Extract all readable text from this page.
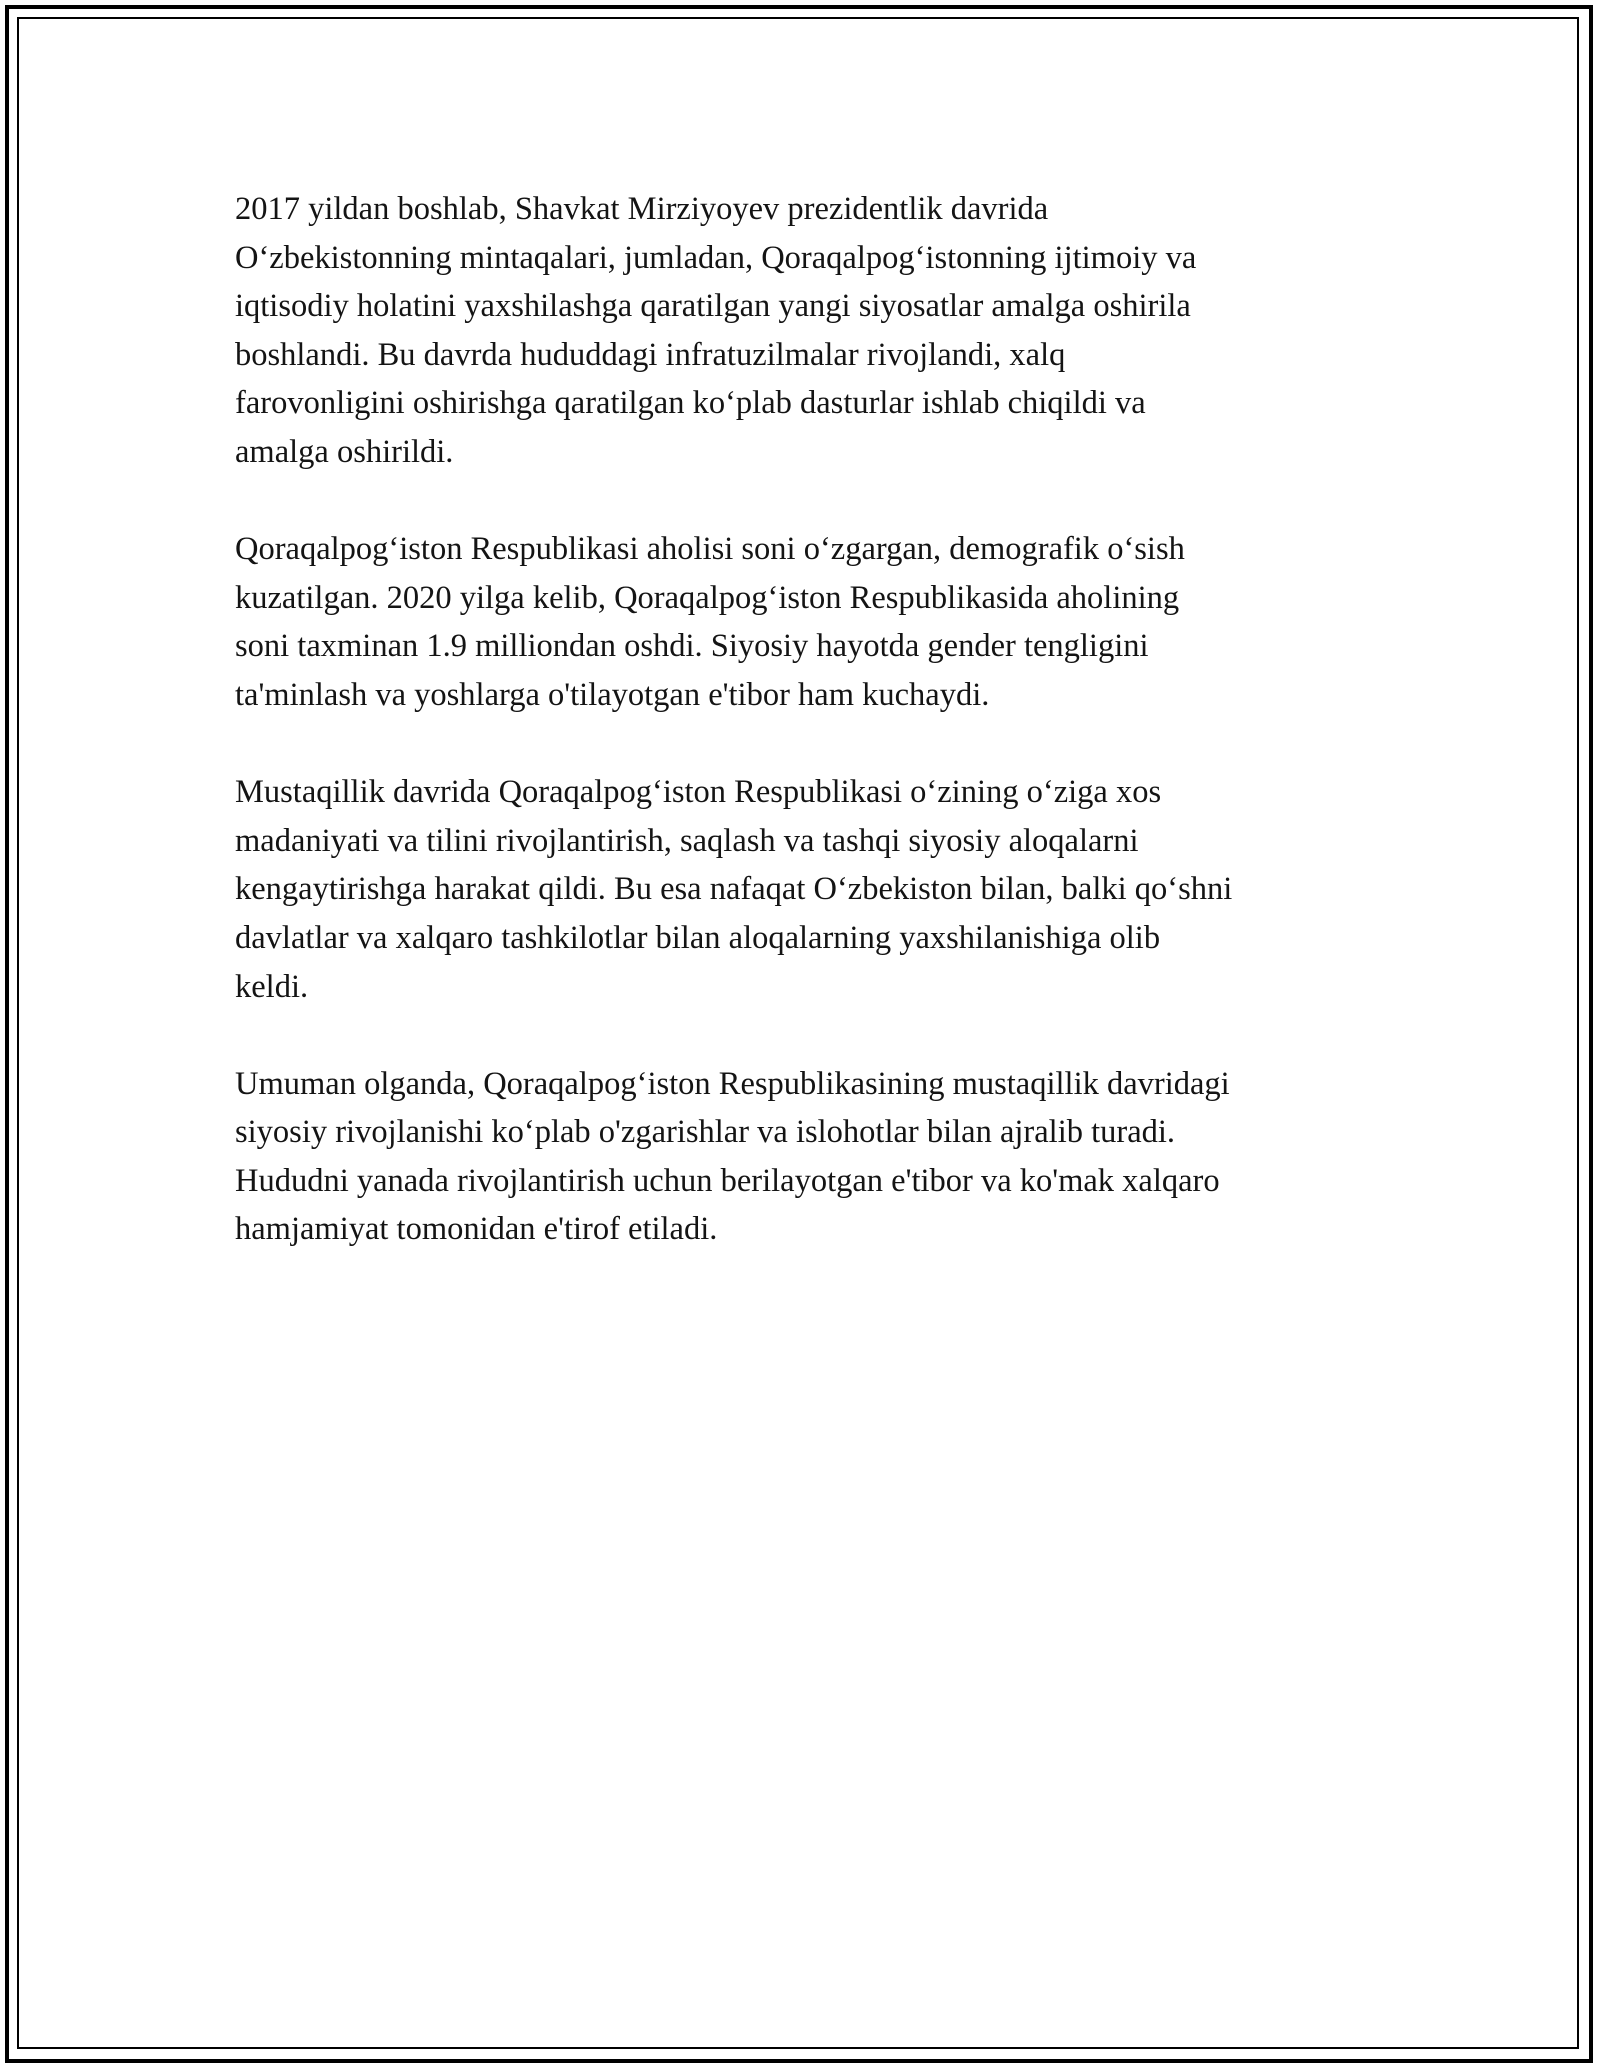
2017 yildan boshlab, Shavkat Mirziyoyev prezidentlik davrida
O‘zbekistonning mintaqalari, jumladan, Qoraqalpog‘istonning ijtimoiy va
iqtisodiy holatini yaxshilashga qaratilgan yangi siyosatlar amalga oshirila
boshlandi. Bu davrda hududdagi infratuzilmalar rivojlandi, xalq
farovonligini oshirishga qaratilgan ko‘plab dasturlar ishlab chiqildi va
amalga oshirildi.

Qoraqalpog‘iston Respublikasi aholisi soni o‘zgargan, demografik o‘sish
kuzatilgan. 2020 yilga kelib, Qoraqalpog‘iston Respublikasida aholining
soni taxminan 1.9 milliondan oshdi. Siyosiy hayotda gender tengligini
ta'minlash va yoshlarga o'tilayotgan e'tibor ham kuchaydi.

Mustaqillik davrida Qoraqalpog‘iston Respublikasi o‘zining o‘ziga xos
madaniyati va tilini rivojlantirish, saqlash va tashqi siyosiy aloqalarni
kengaytirishga harakat qildi. Bu esa nafaqat O‘zbekiston bilan, balki qo‘shni
davlatlar va xalqaro tashkilotlar bilan aloqalarning yaxshilanishiga olib
keldi.

Umuman olganda, Qoraqalpog‘iston Respublikasining mustaqillik davridagi
siyosiy rivojlanishi ko‘plab o'zgarishlar va islohotlar bilan ajralib turadi.
Hududni yanada rivojlantirish uchun berilayotgan e'tibor va ko'mak xalqaro
hamjamiyat tomonidan e'tirof etiladi.
